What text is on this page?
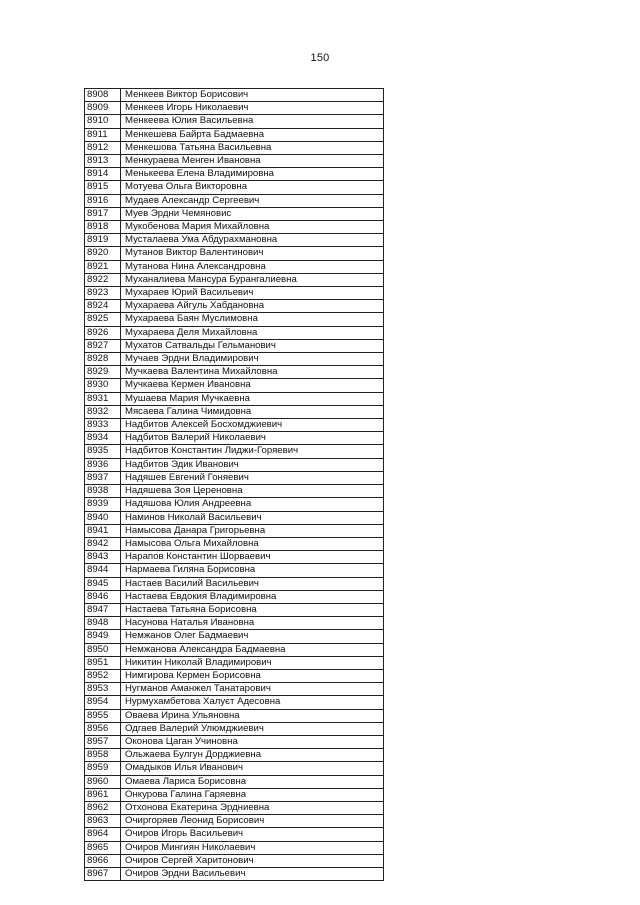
150
8908	Менкеев Виктор Борисович
8909	Менкеев Игорь Николаевич
8910	Менкеева Юлия Васильевна
8911	Менкешева Байрта Бадмаевна
8912	Менкешова Татьяна Васильевна
8913	Менкураева Менген Ивановна
8914	Менькеева Елена Владимировна
8915	Мотуева Ольга Викторовна
8916	Мудаев Александр Сергеевич
8917	Муев Эрдни Чемяновис
8918	Мукобенова Мария Михайловна
8919	Мусталаева Ума Абдурахмановна
8920	Мутанов Виктор Валентинович
8921	Мутанова Нина Александровна
8922	Муханалиева Мансура Бурангалиевна
8923	Мухараев Юрий Васильевич
8924	Мухараева Айгуль Хабдановна
8925	Мухараева Баян Муслимовна
8926	Мухараева Деля Михайловна
8927	Мухатов Сатвальды Гельманович
8928	Мучаев Эрдни Владимирович
8929	Мучкаева Валентина Михайловна
8930	Мучкаева Кермен Ивановна
8931	Мушаева Мария Мучкаевна
8932	Мясаева Галина Чимидовна
8933	Надбитов Алексей Босхомджиевич
8934	Надбитов Валерий Николаевич
8935	Надбитов Константин Лиджи-Горяевич
8936	Надбитов Эдик Иванович
8937	Надяшев Евгений Гоняевич
8938	Надяшева Зоя Цереновна
8939	Надяшова Юлия Андреевна
8940	Наминов Николай Васильевич
8941	Намысова Данара Григорьевна
8942	Намысова Ольга Михайловна
8943	Нарапов Константин Шорваевич
8944	Нармаева Гиляна Борисовна
8945	Настаев Василий Васильевич
8946	Настаева Евдокия Владимировна
8947	Настаева Татьяна Борисовна
8948	Насунова Наталья Ивановна
8949	Немжанов Олег Бадмаевич
8950	Немжанова Александра Бадмаевна
8951	Никитин Николай Владимирович
8952	Нимгирова Кермен Борисовна
8953	Нугманов Аманжел Танатарович
8954	Нурмухамбетова Халуєт Адесовна
8955	Оваева Ирина Ульяновна
8956	Одгаев Валерий Улюмджиевич
8957	Оконова Цаган Учиновна
8958	Ольжаева Булгун Дорджиевна
8959	Омадыков Илья Иванович
8960	Омаева Лариса Борисовна
8961	Онкурова Галина Гаряевна
8962	Отхонова Екатерина Эрдниевна
8963	Очиргоряев Леонид Борисович
8964	Очиров Игорь Васильевич
8965	Очиров Мингиян Николаевич
8966	Очиров Сергей Харитонович
8967	Очиров Эрдни Васильевич
